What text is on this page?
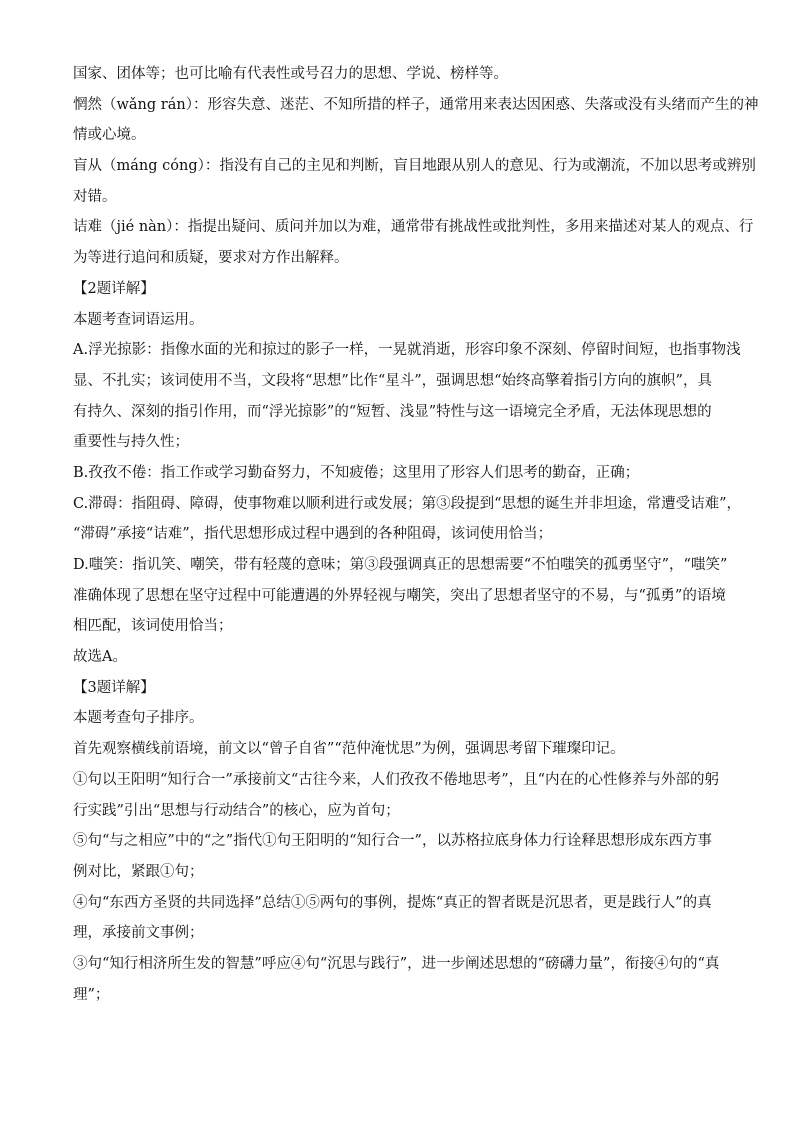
国家、团体等；也可比喻有代表性或号召力的思想、学说、榜样等。
惘然（wǎng rán）：形容失意、迷茫、不知所措的样子，通常用来表达因困惑、失落或没有头绪而产生的神
情或心境。
盲从（máng cóng）：指没有自己的主见和判断，盲目地跟从别人的意见、行为或潮流，不加以思考或辨别
对错。
诘难（jié nàn）：指提出疑问、质问并加以为难，通常带有挑战性或批判性，多用来描述对某人的观点、行
为等进行追问和质疑，要求对方作出解释。
【2题详解】
本题考查词语运用。
A.浮光掠影：指像水面的光和掠过的影子一样，一晃就消逝，形容印象不深刻、停留时间短，也指事物浅
显、不扎实；该词使用不当，文段将“思想”比作“星斗”，强调思想“始终高擎着指引方向的旗帜”，具
有持久、深刻的指引作用，而“浮光掠影”的“短暂、浅显”特性与这一语境完全矛盾，无法体现思想的
重要性与持久性；
B.孜孜不倦：指工作或学习勤奋努力，不知疲倦；这里用了形容人们思考的勤奋，正确；
C.滞碍：指阻碍、障碍，使事物难以顺利进行或发展；第③段提到“思想的诞生并非坦途，常遭受诘难”，
“滞碍”承接“诘难”，指代思想形成过程中遇到的各种阻碍，该词使用恰当；
D.嗤笑：指讥笑、嘲笑，带有轻蔑的意味；第③段强调真正的思想需要“不怕嗤笑的孤勇坚守”，“嗤笑”
准确体现了思想在坚守过程中可能遭遇的外界轻视与嘲笑，突出了思想者坚守的不易，与“孤勇”的语境
相匹配，该词使用恰当；
故选A。
【3题详解】
本题考查句子排序。
首先观察横线前语境，前文以“曾子自省”“范仲淹忧思”为例，强调思考留下璀璨印记。
①句以王阳明“知行合一”承接前文“古往今来，人们孜孜不倦地思考”，且“内在的心性修养与外部的躬
行实践”引出“思想与行动结合”的核心，应为首句；
⑤句“与之相应”中的“之”指代①句王阳明的“知行合一”，以苏格拉底身体力行诠释思想形成东西方事
例对比，紧跟①句；
④句“东西方圣贤的共同选择”总结①⑤两句的事例，提炼“真正的智者既是沉思者，更是践行人”的真
理，承接前文事例；
③句“知行相济所生发的智慧”呼应④句“沉思与践行”，进一步阐述思想的“磅礴力量”，衔接④句的“真
理”；
